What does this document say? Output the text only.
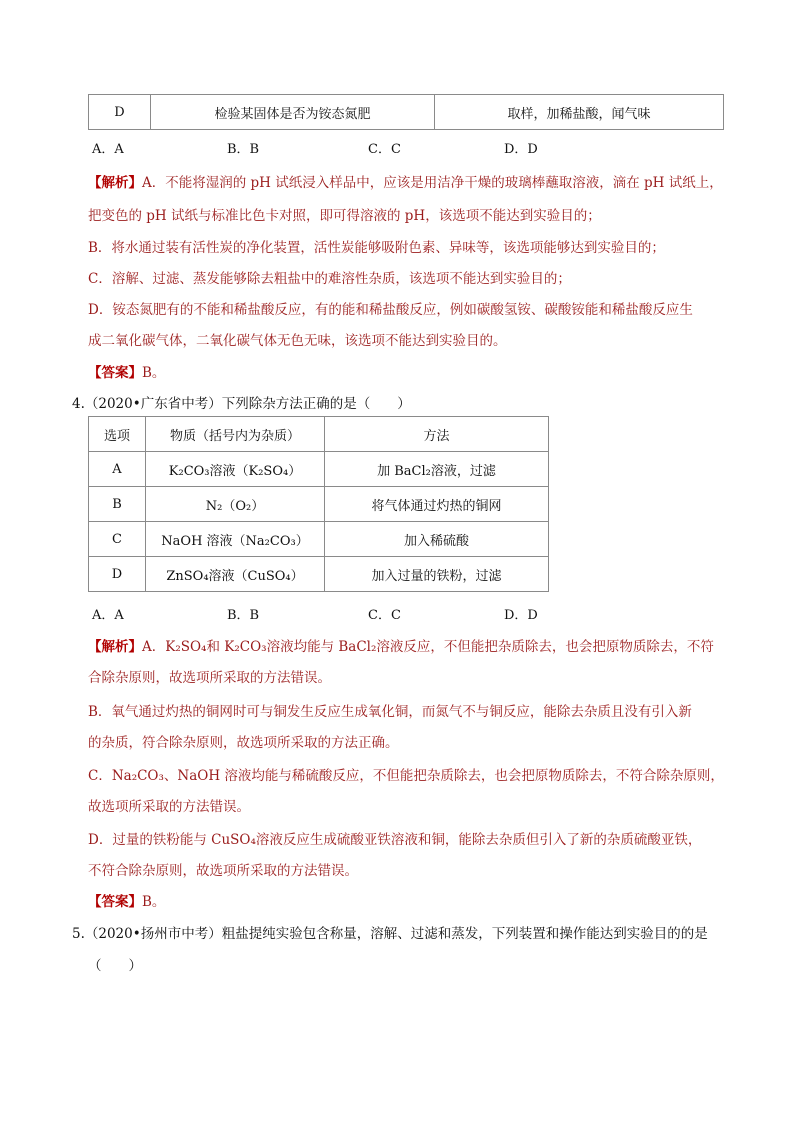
D	检验某固体是否为铵态氮肥	取样，加稀盐酸，闻气味
A．A	B．B	C．C	D．D
【解析】A．不能将湿润的 pH 试纸浸入样品中，应该是用洁净干燥的玻璃棒蘸取溶液，滴在 pH 试纸上，
把变色的 pH 试纸与标准比色卡对照，即可得溶液的 pH，该选项不能达到实验目的；
B．将水通过装有活性炭的净化装置，活性炭能够吸附色素、异味等，该选项能够达到实验目的；
C．溶解、过滤、蒸发能够除去粗盐中的难溶性杂质，该选项不能达到实验目的；
D．铵态氮肥有的不能和稀盐酸反应，有的能和稀盐酸反应，例如碳酸氢铵、碳酸铵能和稀盐酸反应生
成二氧化碳气体，二氧化碳气体无色无味，该选项不能达到实验目的。
【答案】B。
4.（2020•广东省中考）下列除杂方法正确的是（　　）
选项	物质（括号内为杂质）	方法
A	K₂CO₃溶液（K₂SO₄）	加 BaCl₂溶液，过滤
B	N₂（O₂）	将气体通过灼热的铜网
C	NaOH 溶液（Na₂CO₃）	加入稀硫酸
D	ZnSO₄溶液（CuSO₄）	加入过量的铁粉，过滤
A．A	B．B	C．C	D．D
【解析】A．K₂SO₄和 K₂CO₃溶液均能与 BaCl₂溶液反应，不但能把杂质除去，也会把原物质除去，不符
合除杂原则，故选项所采取的方法错误。
B．氧气通过灼热的铜网时可与铜发生反应生成氧化铜，而氮气不与铜反应，能除去杂质且没有引入新
的杂质，符合除杂原则，故选项所采取的方法正确。
C．Na₂CO₃、NaOH 溶液均能与稀硫酸反应，不但能把杂质除去，也会把原物质除去，不符合除杂原则，
故选项所采取的方法错误。
D．过量的铁粉能与 CuSO₄溶液反应生成硫酸亚铁溶液和铜，能除去杂质但引入了新的杂质硫酸亚铁，
不符合除杂原则，故选项所采取的方法错误。
【答案】B。
5.（2020•扬州市中考）粗盐提纯实验包含称量，溶解、过滤和蒸发，下列装置和操作能达到实验目的的是
（　　）
